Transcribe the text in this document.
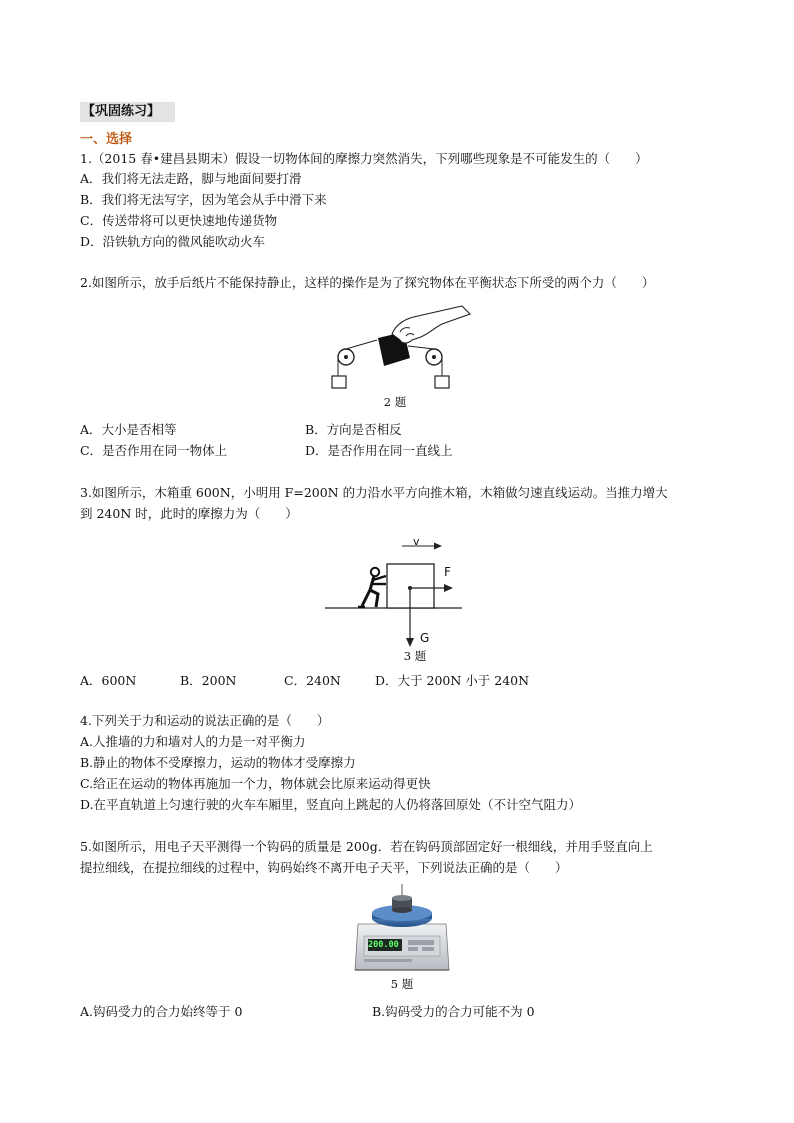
【巩固练习】
一、选择
1.（2015 春•建昌县期末）假设一切物体间的摩擦力突然消失，下列哪些现象是不可能发生的（　　）
A．我们将无法走路，脚与地面间要打滑
B．我们将无法写字，因为笔会从手中滑下来
C．传送带将可以更快速地传递货物
D．沿铁轨方向的微风能吹动火车
2.如图所示，放手后纸片不能保持静止，这样的操作是为了探究物体在平衡状态下所受的两个力（　　）
2 题
A．大小是否相等	B．方向是否相反
C．是否作用在同一物体上	D．是否作用在同一直线上
3.如图所示，木箱重 600N，小明用 F=200N 的力沿水平方向推木箱，木箱做匀速直线运动。当推力增大
到 240N 时，此时的摩擦力为（　　）
v
F
G
3 题
A．600N	B．200N	C．240N	D．大于 200N 小于 240N
4.下列关于力和运动的说法正确的是（　　）
A.人推墙的力和墙对人的力是一对平衡力
B.静止的物体不受摩擦力，运动的物体才受摩擦力
C.给正在运动的物体再施加一个力，物体就会比原来运动得更快
D.在平直轨道上匀速行驶的火车车厢里，竖直向上跳起的人仍将落回原处（不计空气阻力）
5.如图所示，用电子天平测得一个钩码的质量是 200g．若在钩码顶部固定好一根细线，并用手竖直向上
提拉细线，在提拉细线的过程中，钩码始终不离开电子天平，下列说法正确的是（　　）
200.00
5 题
A.钩码受力的合力始终等于 0	B.钩码受力的合力可能不为 0
